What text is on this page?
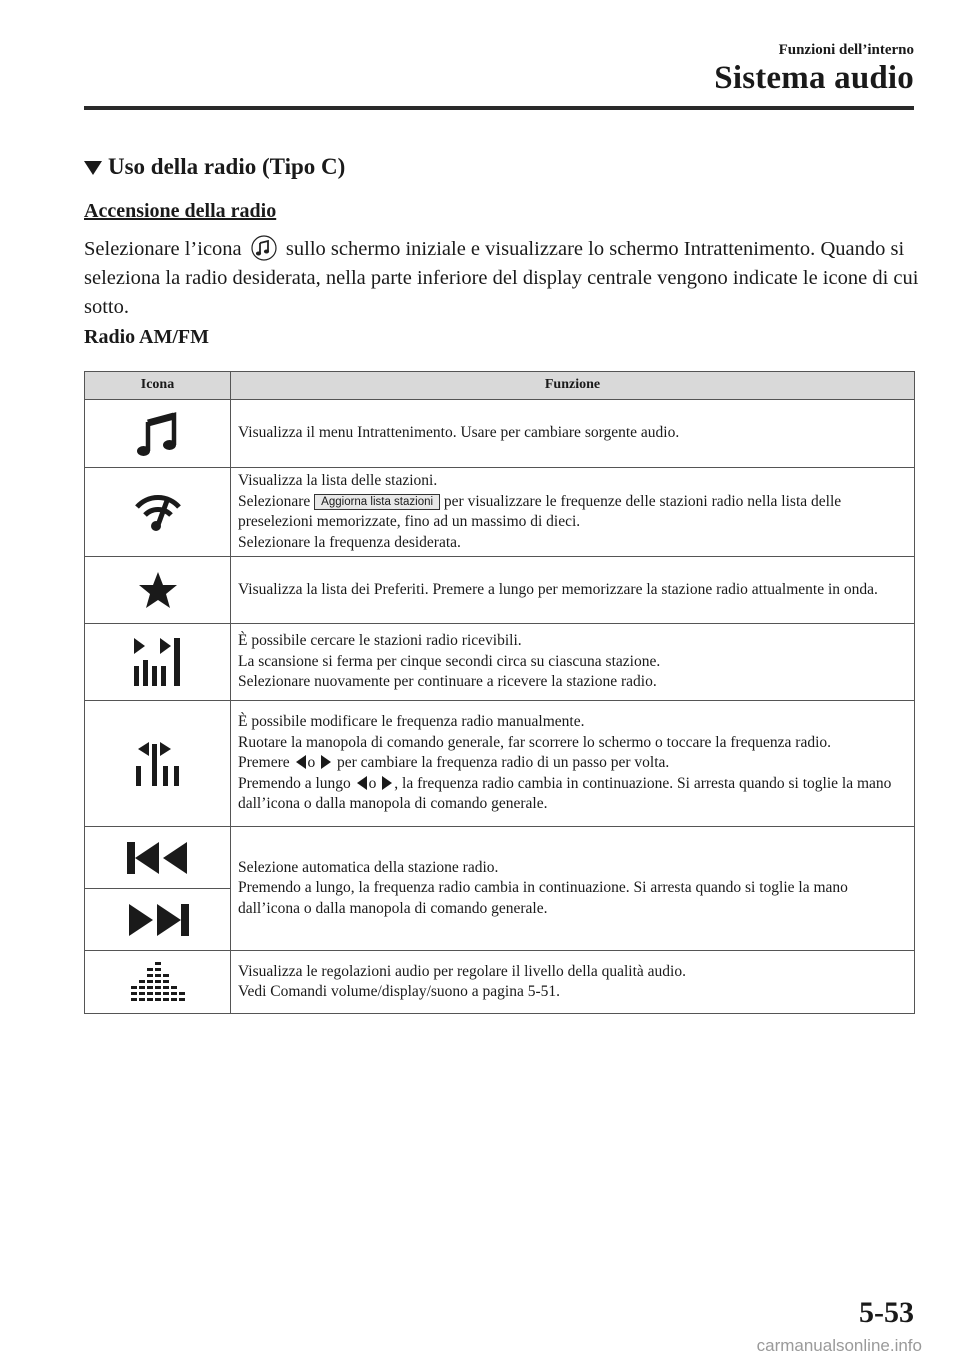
Funzioni dell’interno
Sistema audio
Uso della radio (Tipo C)
Accensione della radio

Selezionare l’icona sullo schermo iniziale e visualizzare lo schermo Intrattenimento. Quando si seleziona la radio desiderata, nella parte inferiore del display centrale vengono indicate le icone di cui sotto.

Radio AM/FM
Icona	Funzione

	Visualizza il menu Intrattenimento. Usare per cambiare sorgente audio.

	Visualizza la lista delle stazioni.
Selezionare Aggiorna lista stazioni per visualizzare le frequenze delle stazioni radio nella lista delle preselezioni memorizzate, fino ad un massimo di dieci.
Selezionare la frequenza desiderata.

	Visualizza la lista dei Preferiti. Premere a lungo per memorizzare la stazione radio attualmente in onda.

	È possibile cercare le stazioni radio ricevibili.
La scansione si ferma per cinque secondi circa su ciascuna stazione.
Selezionare nuovamente per continuare a ricevere la stazione radio.

	È possibile modificare le frequenza radio manualmente.
Ruotare la manopola di comando generale, far scorrere lo schermo o toccare la frequenza radio.
Premere o per cambiare la frequenza radio di un passo per volta.
Premendo a lungo o , la frequenza radio cambia in continuazione. Si arresta quando si toglie la mano dall’icona o dalla manopola di comando generale.

	Selezione automatica della stazione radio.
Premendo a lungo, la frequenza radio cambia in continuazione. Si arresta quando si toglie la mano dall’icona o dalla manopola di comando generale.

	Visualizza le regolazioni audio per regolare il livello della qualità audio.
Vedi Comandi volume/display/suono a pagina 5-51.
5-53
carmanualsonline.info
